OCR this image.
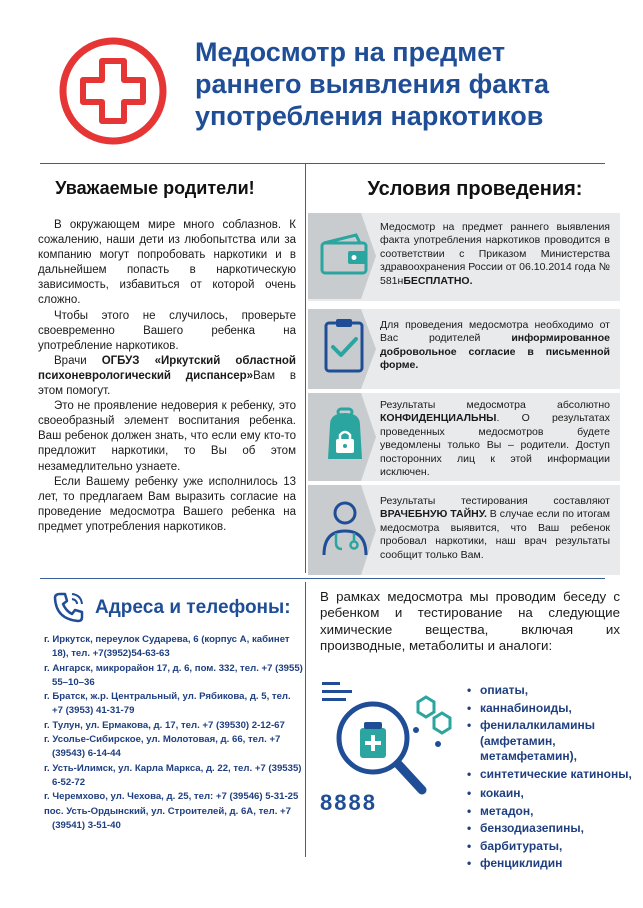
Медосмотр на предмет
раннего выявления факта
употребления наркотиков
Уважаемые родители!

В окружающем мире много соблазнов. К сожалению, наши дети из любопытства или за компанию могут попробовать наркотики и в дальнейшем попасть в наркотическую зависимость, избавиться от которой очень сложно.

Чтобы этого не случилось, проверьте своевременно Вашего ребенка на употребление наркотиков.

Врачи ОГБУЗ «Иркутский областной психоневрологический диспансер»Вам в этом помогут.

Это не проявление недоверия к ребенку, это своеобразный элемент воспитания ребенка. Ваш ребенок должен знать, что если ему кто-то предложит наркотики, то Вы об этом незамедлительно узнаете.

Если Вашему ребенку уже исполнилось 13 лет, то предлагаем Вам выразить согласие на проведение медосмотра Вашего ребенка на предмет употребления наркотиков.

Условия проведения:
Медосмотр на предмет раннего выявления факта употребления наркотиков проводится в соответствии с Приказом Министерства здравоохранения России от 06.10.2014 года № 581нБЕСПЛАТНО.
Для проведения медосмотра необходимо от Вас родителей информированное добровольное согласие в письменной форме.
Результаты медосмотра абсолютно КОНФИДЕНЦИАЛЬНЫ. О результатах проведенных медосмотров будете уведомлены только Вы – родители. Доступ посторонних лиц к этой информации исключен.
Результаты тестирования составляют ВРАЧЕБНУЮ ТАЙНУ. В случае если по итогам медосмотра выявится, что Ваш ребенок пробовал наркотики, наш врач результаты сообщит только Вам.
Адреса и телефоны:
г. Иркутск, переулок Сударева, 6 (корпус А, кабинет 18), тел. +7(3952)54-63-63
г. Ангарск, микрорайон 17, д. 6, пом. 332, тел. +7 (3955) 55–10–36
г. Братск, ж.р. Центральный, ул. Рябикова, д. 5, тел. +7 (3953) 41-31-79
г. Тулун, ул. Ермакова, д. 17, тел. +7 (39530) 2-12-67
г. Усолье-Сибирское, ул. Молотовая, д. 66, тел. +7 (39543) 6-14-44
г. Усть-Илимск, ул. Карла Маркса, д. 22, тел. +7 (39535) 6-52-72
г. Черемхово, ул. Чехова, д. 25, тел: +7 (39546) 5-31-25
пос. Усть-Ордынский, ул. Строителей, д. 6А, тел. +7 (39541) 3-51-40
В рамках медосмотра мы проводим беседу с ребенком и тестирование на следующие химические вещества, включая их производные, метаболиты и аналоги:
8888
• опиаты,
• каннабиноиды,
• фенилалкиламины (амфетамин, метамфетамин),
• синтетические катиноны,
• кокаин,
• метадон,
• бензодиазепины,
• барбитураты,
• фенциклидин
